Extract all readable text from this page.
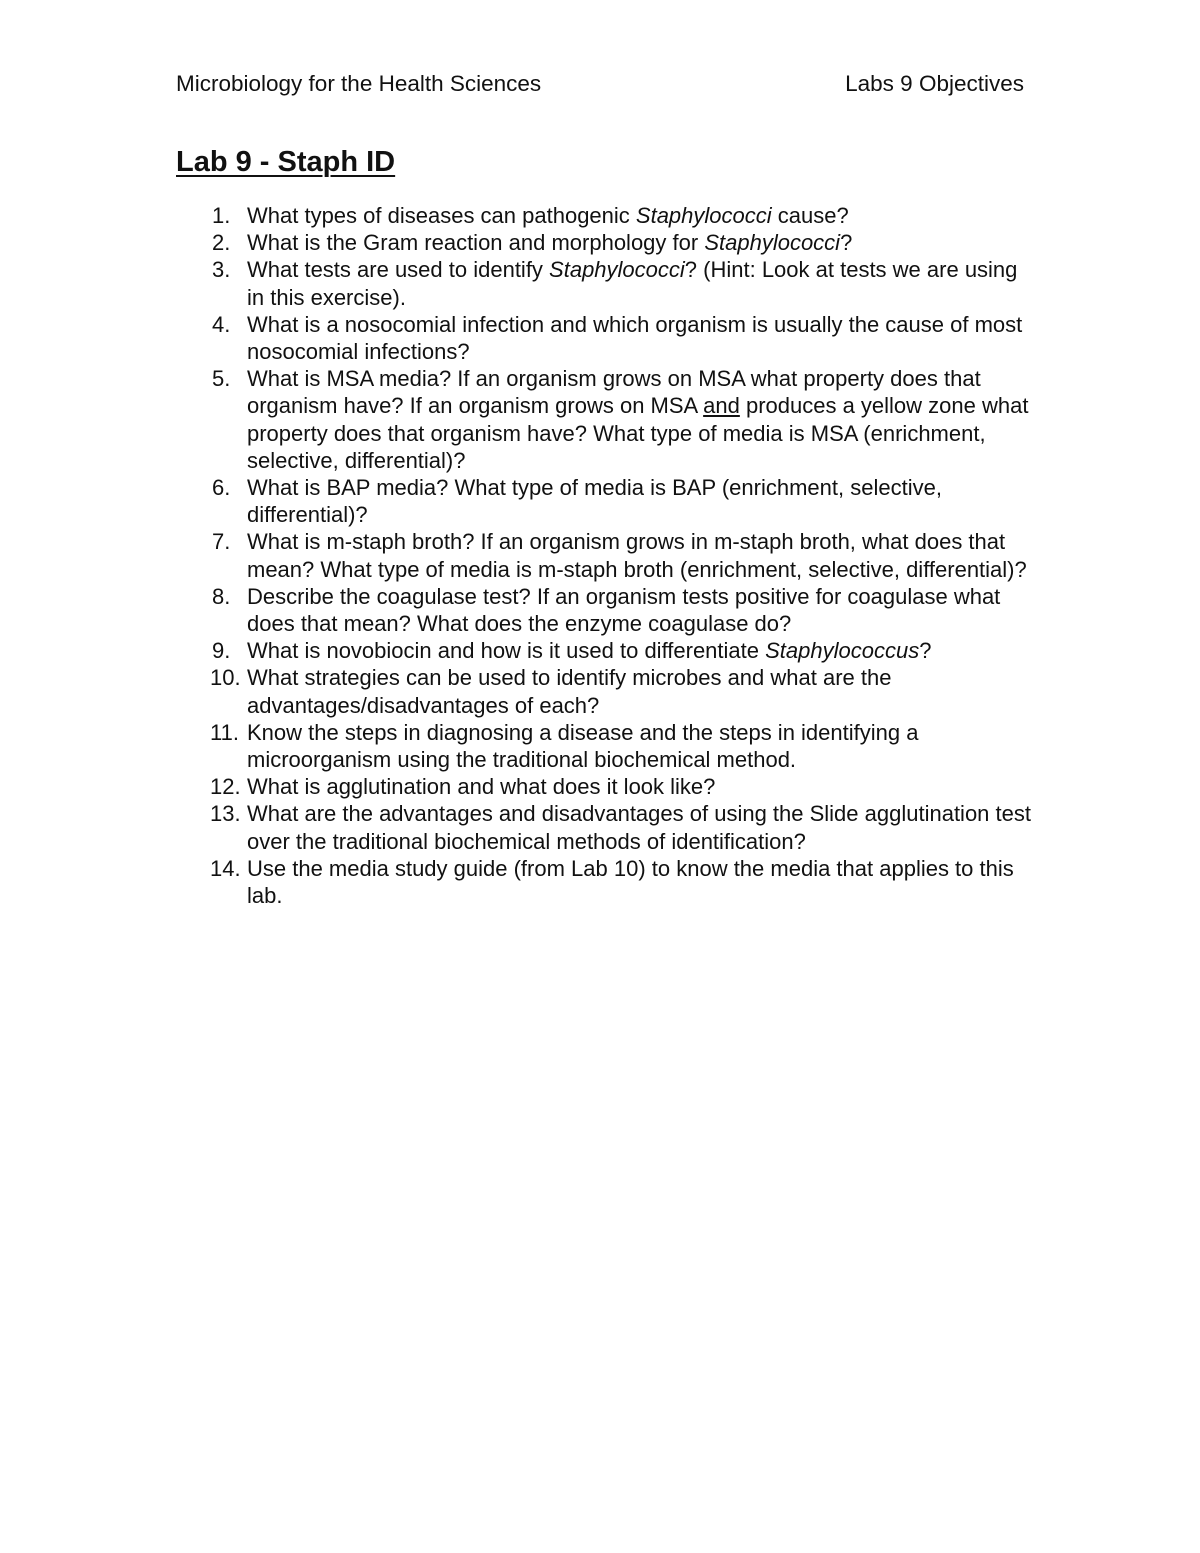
Microbiology for the Health Sciences	Labs 9 Objectives
Lab 9 - Staph ID
1. What types of diseases can pathogenic Staphylococci cause?
2. What is the Gram reaction and morphology for Staphylococci?
3. What tests are used to identify Staphylococci? (Hint: Look at tests we are using in this exercise).
4. What is a nosocomial infection and which organism is usually the cause of most nosocomial infections?
5. What is MSA media? If an organism grows on MSA what property does that organism have? If an organism grows on MSA and produces a yellow zone what property does that organism have? What type of media is MSA (enrichment, selective, differential)?
6. What is BAP media? What type of media is BAP (enrichment, selective, differential)?
7. What is m-staph broth? If an organism grows in m-staph broth, what does that mean? What type of media is m-staph broth (enrichment, selective, differential)?
8. Describe the coagulase test? If an organism tests positive for coagulase what does that mean? What does the enzyme coagulase do?
9. What is novobiocin and how is it used to differentiate Staphylococcus?
10. What strategies can be used to identify microbes and what are the advantages/disadvantages of each?
11. Know the steps in diagnosing a disease and the steps in identifying a microorganism using the traditional biochemical method.
12. What is agglutination and what does it look like?
13. What are the advantages and disadvantages of using the Slide agglutination test over the traditional biochemical methods of identification?
14. Use the media study guide (from Lab 10) to know the media that applies to this lab.
